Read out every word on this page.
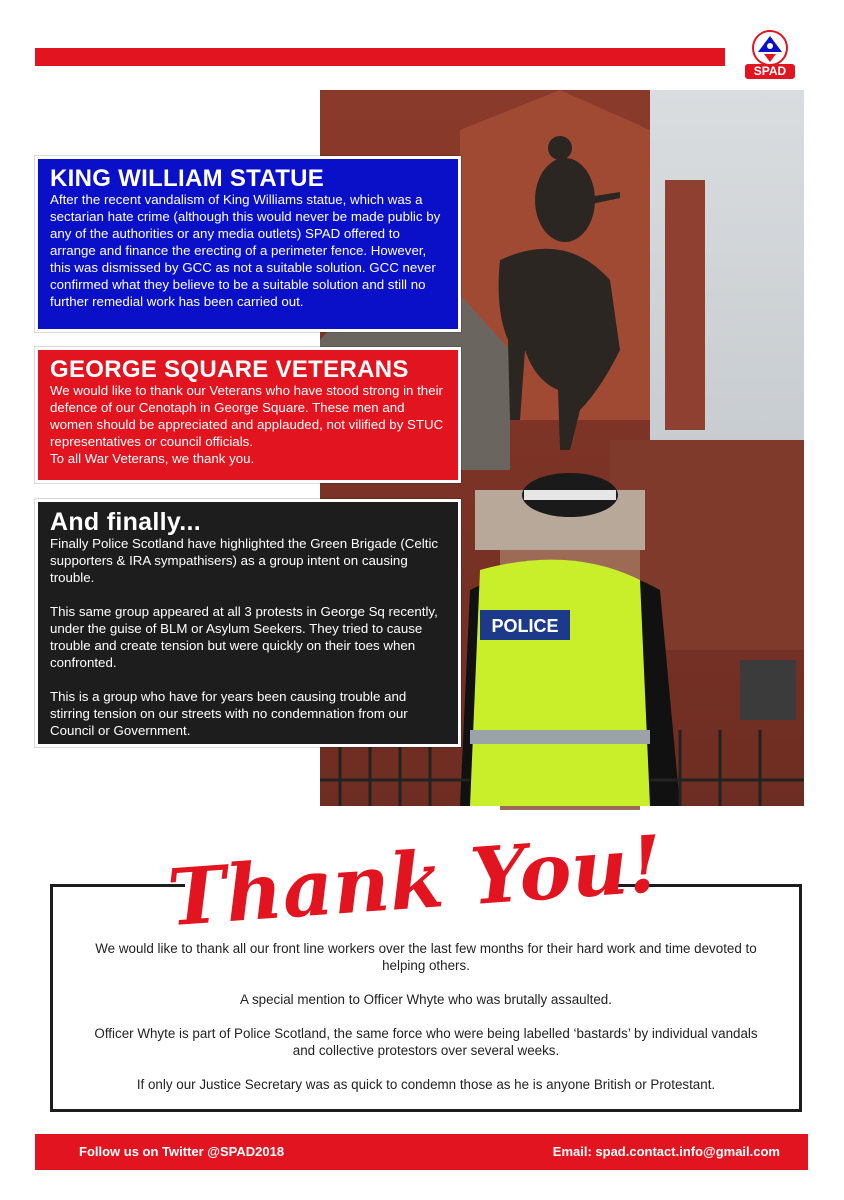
SPAD
POLICE
KING WILLIAM STATUE

After the recent vandalism of King Williams statue, which was a sectarian hate crime (although this would never be made public by any of the authorities or any media outlets) SPAD offered to arrange and finance the erecting of a perimeter fence. However, this was dismissed by GCC as not a suitable solution. GCC never confirmed what they believe to be a suitable solution and still no further remedial work has been carried out.

GEORGE SQUARE VETERANS

We would like to thank our Veterans who have stood strong in their defence of our Cenotaph in George Square. These men and women should be appreciated and applauded, not vilified by STUC representatives or council officials.
To all War Veterans, we thank you.

And finally...

Finally Police Scotland have highlighted the Green Brigade (Celtic supporters & IRA sympathisers) as a group intent on causing trouble.

This same group appeared at all 3 protests in George Sq recently, under the guise of BLM or Asylum Seekers. They tried to cause trouble and create tension but were quickly on their toes when confronted.

This is a group who have for years been causing trouble and stirring tension on our streets with no condemnation from our Council or Government.

Thank You!

We would like to thank all our front line workers over the last few months for their hard work and time devoted to helping others.

A special mention to Officer Whyte who was brutally assaulted.

Officer Whyte is part of Police Scotland, the same force who were being labelled ‘bastards’ by individual vandals and collective protestors over several weeks.

If only our Justice Secretary was as quick to condemn those as he is anyone British or Protestant.

Follow us on Twitter @SPAD2018	Email: spad.contact.info@gmail.com
